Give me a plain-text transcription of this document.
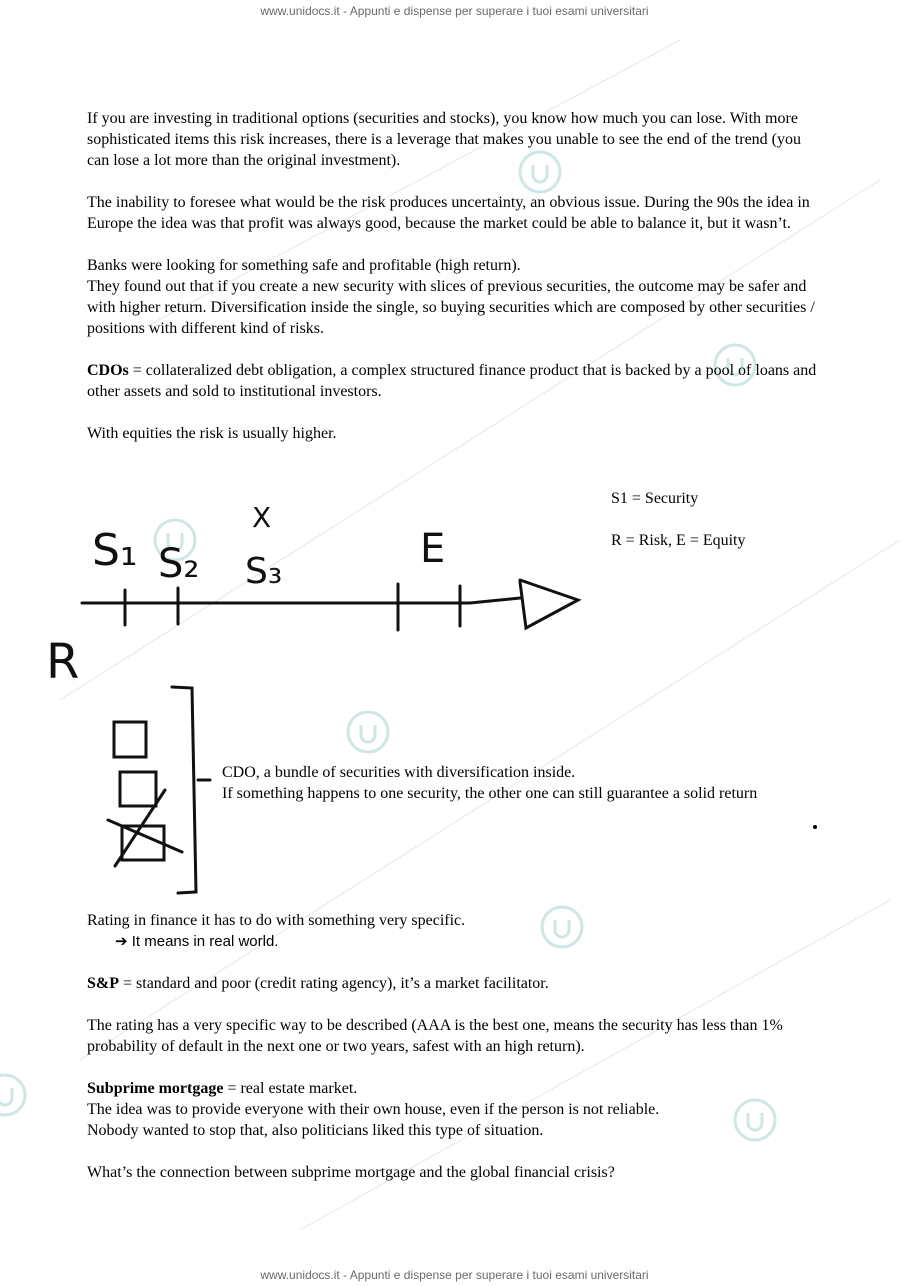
www.unidocs.it - Appunti e dispense per superare i tuoi esami universitari
www.unidocs.it - Appunti e dispense per superare i tuoi esami universitari

If you are investing in traditional options (securities and stocks), you know how much you can lose. With more sophisticated items this risk increases, there is a leverage that makes you unable to see the end of the trend (you can lose a lot more than the original investment).

The inability to foresee what would be the risk produces uncertainty, an obvious issue. During the 90s the idea in Europe the idea was that profit was always good, because the market could be able to balance it, but it wasn’t.

Banks were looking for something safe and profitable (high return).

They found out that if you create a new security with slices of previous securities, the outcome may be safer and with higher return. Diversification inside the single, so buying securities which are composed by other securities / positions with different kind of risks.

CDOs = collateralized debt obligation, a complex structured finance product that is backed by a pool of loans and other assets and sold to institutional investors.

With equities the risk is usually higher.

S₁ S₂ S₃
X
E
R
S1 = Security
R = Risk, E = Equity
CDO, a bundle of securities with diversification inside.
If something happens to one security, the other one can still guarantee a solid return
Rating in finance it has to do with something very specific.
➔ It means in real world.
S&P = standard and poor (credit rating agency), it’s a market facilitator.
The rating has a very specific way to be described (AAA is the best one, means the security has less than 1% probability of default in the next one or two years, safest with an high return).
Subprime mortgage = real estate market.
The idea was to provide everyone with their own house, even if the person is not reliable.
Nobody wanted to stop that, also politicians liked this type of situation.
What’s the connection between subprime mortgage and the global financial crisis?
